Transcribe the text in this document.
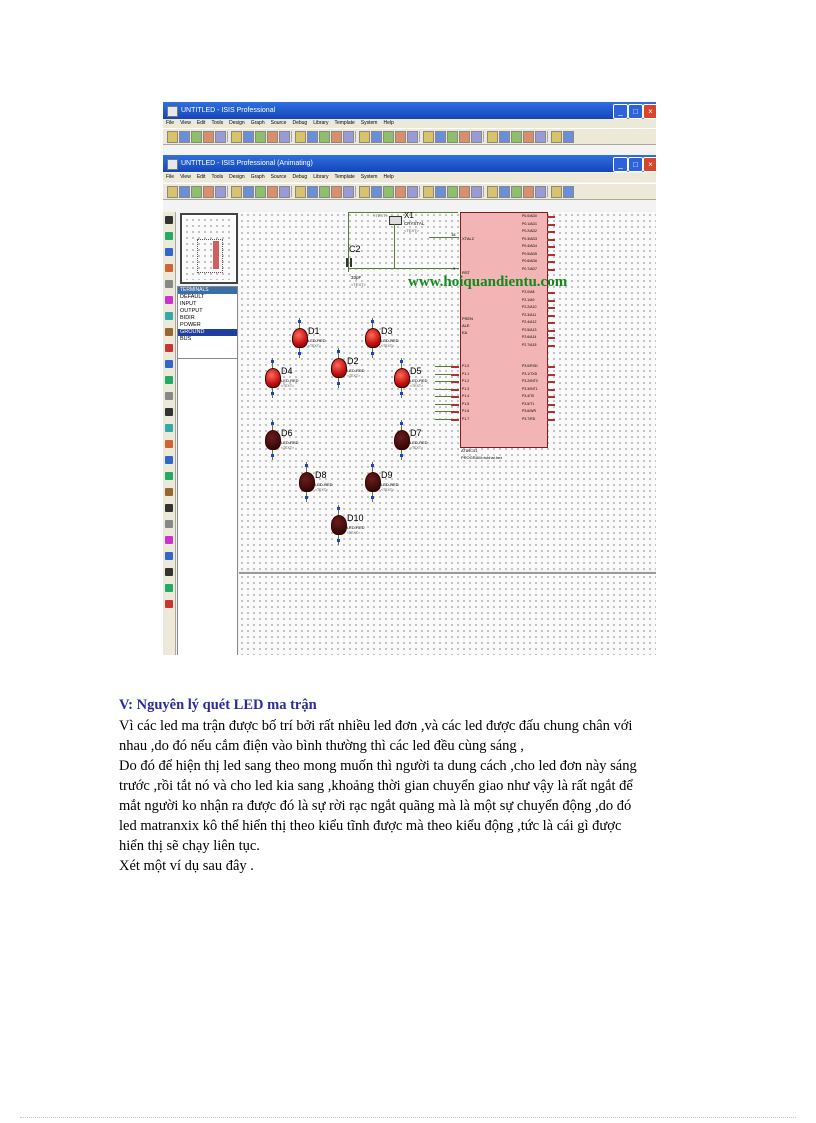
UNTITLED - ISIS Professional	_	□	×
File View Edit Tools Design Graph Source Debug Library Template System Help
UNTITLED - ISIS Professional (Animating)	_	□	×
File View Edit Tools Design Graph Source Debug Library Template System Help
TERMINALS
DEFAULT
INPUT
OUTPUT
BIDIR
POWER
GROUND
BUS
X1
CRYSTAL
<TEXT>
<TEXT>
C2
33pF
<TEXT>
XTAL2
18
RST
9
PSEN
ALE
EA
AT89C51
PROGRAM=tukhai.hex
P0.0/AD0
P0.1/AD1
P0.2/AD2
P0.3/AD3
P0.4/AD4
P0.5/AD5
P0.6/AD6
P0.7/AD7
P2.0/A8
P2.1/A9
P2.2/A10
P2.3/A11
P2.4/A12
P2.5/A13
P2.6/A14
P2.7/A15
P3.0/RXD
P3.1/TXD
P3.2/INT0
P3.3/INT1
P3.4/T0
P3.5/T1
P3.6/WR
P3.7/RD
P1.0
P1.1
P1.2
P1.3
P1.4
P1.5
P1.6
P1.7
www.hoiquandientu.com
D1
LED-RED
<TEXT>
D2
LED-RED
<TEXT>
D3
LED-RED
<TEXT>
D4
LED-RED
<TEXT>
D5
LED-RED
<TEXT>
D6
LED-RED
<TEXT>
D7
LED-RED
<TEXT>
D8
LED-RED
<TEXT>
D9
LED-RED
<TEXT>
D10
LED-RED
<TEXT>
V: Nguyên lý quét LED ma trận
Vì các led ma trận được bố trí bởi rất nhiều led đơn ,và các led được đấu chung chân với
nhau ,do đó nếu cắm điện vào bình thường thì các led đều cùng sáng ,
Do đó để hiện thị led sang theo mong muốn thì người ta dung cách ,cho led đơn này sáng
trước ,rồi tắt nó và cho led kia sang ,khoảng thời gian chuyển giao như vậy là rất ngắt để
mắt người ko nhận ra được đó là sự rời rạc ngắt quãng mà là một sự chuyển động ,do đó
led matranxix kô thể hiển thị theo kiểu tĩnh được mà theo kiểu động ,tức là cái gì được
hiển thị sẽ chạy liên tục.
Xét một ví dụ sau đây .
